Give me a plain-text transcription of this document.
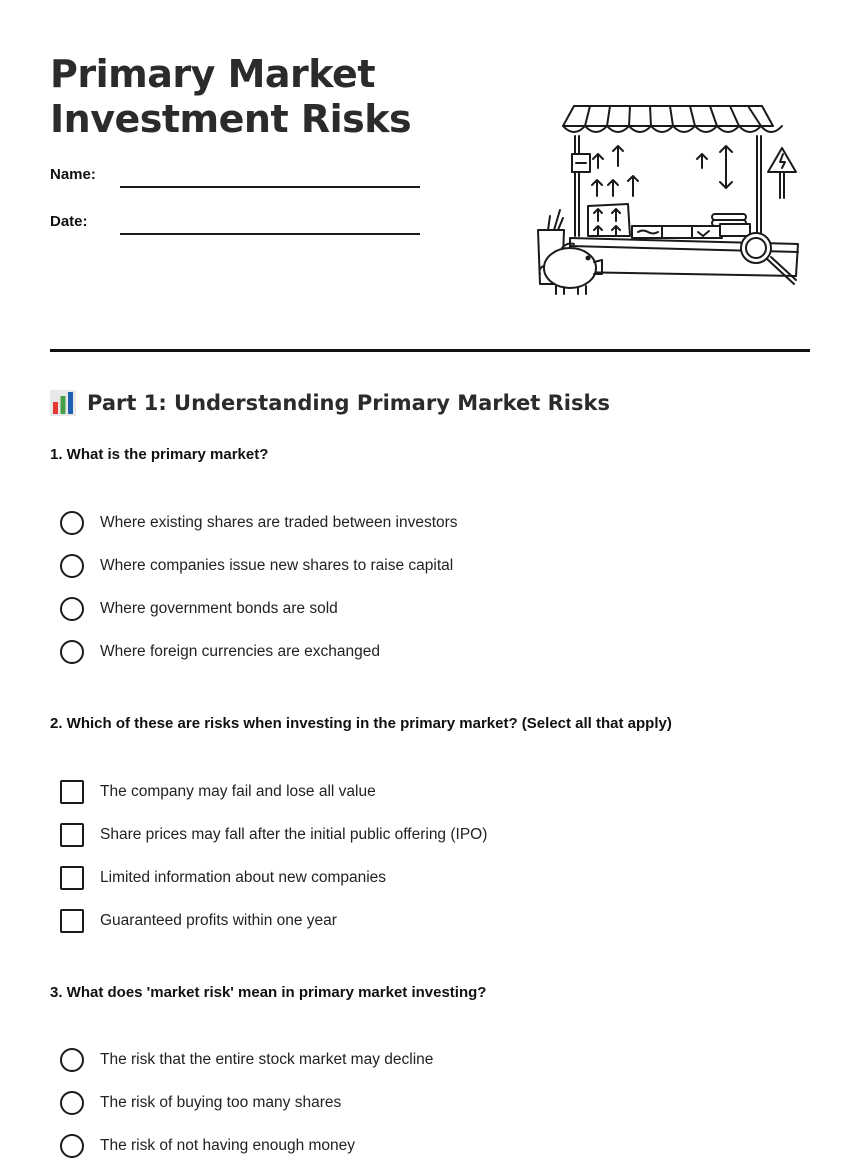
Primary Market
Investment Risks
Name:
Date:
Part 1: Understanding Primary Market Risks

1. What is the primary market?

Where existing shares are traded between investors
Where companies issue new shares to raise capital
Where government bonds are sold
Where foreign currencies are exchanged

2. Which of these are risks when investing in the primary market? (Select all that apply)

The company may fail and lose all value
Share prices may fall after the initial public offering (IPO)
Limited information about new companies
Guaranteed profits within one year

3. What does 'market risk' mean in primary market investing?

The risk that the entire stock market may decline
The risk of buying too many shares
The risk of not having enough money
